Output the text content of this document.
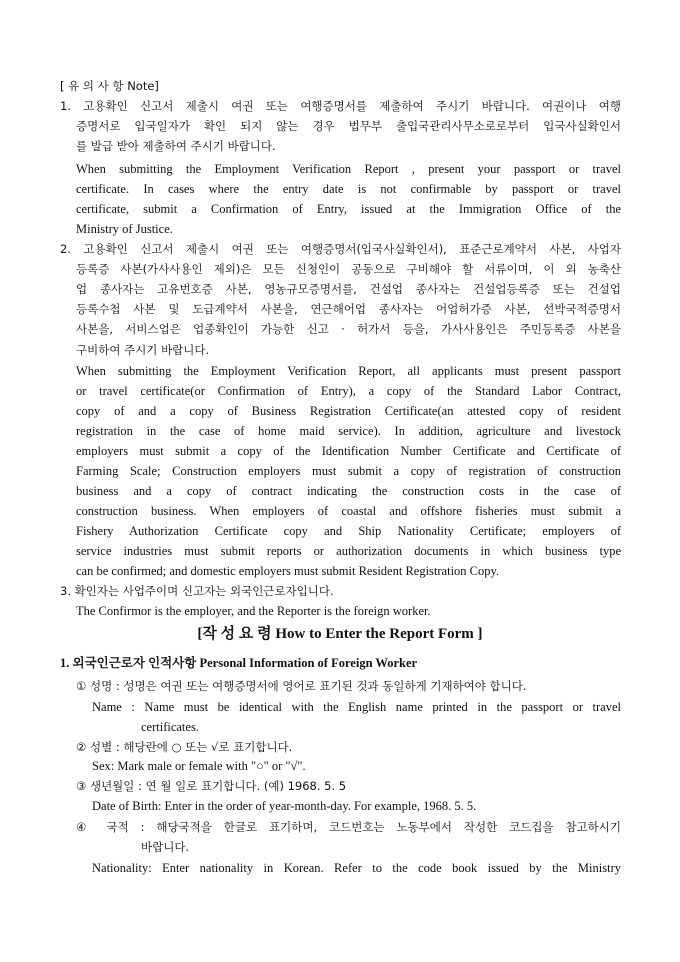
[ 유 의 사 항 Note]
1. 고용확인 신고서 제출시 여권 또는 여행증명서를 제출하여 주시기 바랍니다. 여권이나 여행
증명서로 입국일자가 확인 되지 않는 경우 법무부 출입국관리사무소로로부터 입국사실확인서
를 발급 받아 제출하여 주시기 바랍니다.
When submitting the Employment Verification Report , present your passport or travel
certificate. In cases where the entry date is not confirmable by passport or travel
certificate, submit a Confirmation of Entry, issued at the Immigration Office of the
Ministry of Justice.
2. 고용확인 신고서 제출시 여권 또는 여행증명서(입국사실확인서), 표준근로계약서 사본, 사업자
등록증 사본(가사사용인 제외)은 모든 신청인이 공동으로 구비해야 할 서류이며, 이 외 농축산
업 종사자는 고유번호증 사본, 영농규모증명서를, 건설업 종사자는 건설업등록증 또는 건설업
등록수첩 사본 및 도급계약서 사본을, 연근해어업 종사자는 어업허가증 사본, 선박국적증명서
사본을, 서비스업은 업종확인이 가능한 신고 · 허가서 등을, 가사사용인은 주민등록증 사본을
구비하여 주시기 바랍니다.
When submitting the Employment Verification Report, all applicants must present passport
or travel certificate(or Confirmation of Entry), a copy of the Standard Labor Contract,
copy of and a copy of Business Registration Certificate(an attested copy of resident
registration in the case of home maid service). In addition, agriculture and livestock
employers must submit a copy of the Identification Number Certificate and Certificate of
Farming Scale; Construction employers must submit a copy of registration of construction
business and a copy of contract indicating the construction costs in the case of
construction business. When employers of coastal and offshore fisheries must submit a
Fishery Authorization Certificate copy and Ship Nationality Certificate; employers of
service industries must submit reports or authorization documents in which business type
can be confirmed; and domestic employers must submit Resident Registration Copy.
3. 확인자는 사업주이며 신고자는 외국인근로자입니다.
The Confirmor is the employer, and the Reporter is the foreign worker.
[작 성 요 령 How to Enter the Report Form ]
1. 외국인근로자 인적사항 Personal Information of Foreign Worker
① 성명 : 성명은 여권 또는 여행증명서에 영어로 표기된 것과 동일하게 기재하여야 합니다.
Name : Name must be identical with the English name printed in the passport or travel
certificates.
② 성별 : 해당란에 ○ 또는 √로 표기합니다.
Sex: Mark male or female with "○" or "√".
③ 생년월일 : 연 월 일로 표기합니다. (예) 1968. 5. 5
Date of Birth: Enter in the order of year-month-day. For example, 1968. 5. 5.
④ 국적 : 해당국적을 한글로 표기하며, 코드번호는 노동부에서 작성한 코드집을 참고하시기
바랍니다.
Nationality: Enter nationality in Korean. Refer to the code book issued by the Ministry
